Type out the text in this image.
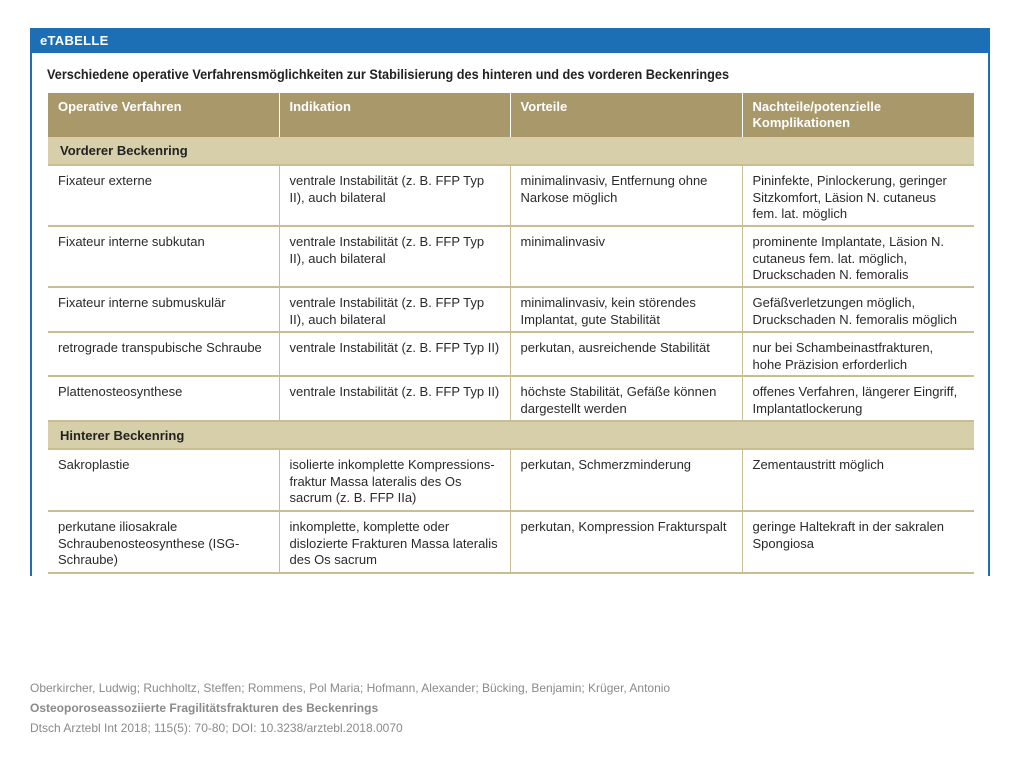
eTABELLE
Verschiedene operative Verfahrensmöglichkeiten zur Stabilisierung des hinteren und des vorderen Beckenringes
Operative Verfahren	Indikation	Vorteile	Nachteile/potenzielle Komplikationen
Vorderer Beckenring			
Fixateur externe	ventrale Instabilität (z. B. FFP Typ II), auch bilateral	minimalinvasiv, Entfernung ohne Narkose möglich	Pininfekte, Pinlockerung, geringer Sitzkomfort, Läsion N. cutaneus fem. lat. möglich
Fixateur interne subkutan	ventrale Instabilität (z. B. FFP Typ II), auch bilateral	minimalinvasiv	prominente Implantate, Läsion N. cutaneus fem. lat. möglich, Druckschaden N. femoralis
Fixateur interne submuskulär	ventrale Instabilität (z. B. FFP Typ II), auch bilateral	minimalinvasiv, kein störendes Implantat, gute Stabilität	Gefäßverletzungen möglich, Druckschaden N. femoralis möglich
retrograde transpubische Schraube	ventrale Instabilität (z. B. FFP Typ II)	perkutan, ausreichende Stabilität	nur bei Schambeinastfrakturen, hohe Präzision erforderlich
Plattenosteosynthese	ventrale Instabilität (z. B. FFP Typ II)	höchste Stabilität, Gefäße können dargestellt werden	offenes Verfahren, längerer Eingriff, Implantatlockerung
Hinterer Beckenring			
Sakroplastie	isolierte inkomplette Kompressions- fraktur Massa lateralis des Os sacrum (z. B. FFP IIa)	perkutan, Schmerzminderung	Zementaustritt möglich
perkutane iliosakrale Schraubenosteosynthese (ISG-Schraube)	inkomplette, komplette oder dislozierte Frakturen Massa lateralis des Os sacrum	perkutan, Kompression Frakturspalt	geringe Haltekraft in der sakralen Spongiosa
Oberkircher, Ludwig; Ruchholtz, Steffen; Rommens, Pol Maria; Hofmann, Alexander; Bücking, Benjamin; Krüger, Antonio
Osteoporoseassoziierte Fragilitätsfrakturen des Beckenrings
Dtsch Arztebl Int 2018; 115(5): 70-80; DOI: 10.3238/arztebl.2018.0070
